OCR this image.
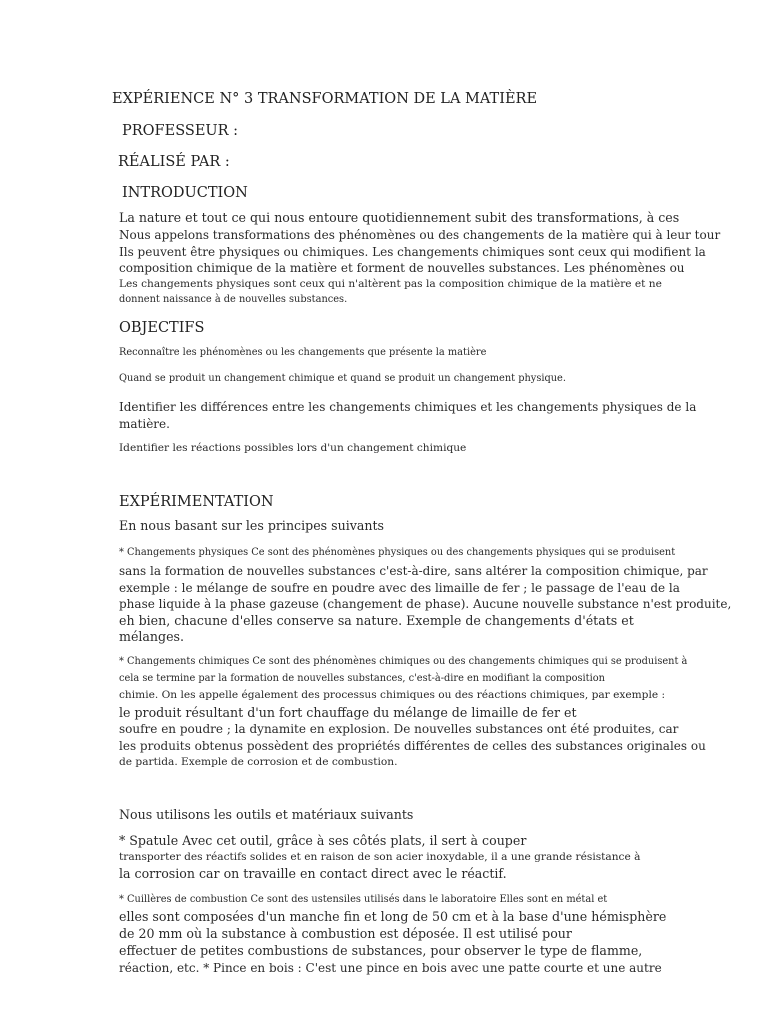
EXPÉRIENCE N° 3 TRANSFORMATION DE LA MATIÈRE
PROFESSEUR :
RÉALISÉ PAR :
INTRODUCTION
La nature et tout ce qui nous entoure quotidiennement subit des transformations, à ces
Nous appelons transformations des phénomènes ou des changements de la matière qui à leur tour
Ils peuvent être physiques ou chimiques. Les changements chimiques sont ceux qui modifient la
composition chimique de la matière et forment de nouvelles substances. Les phénomènes ou
Les changements physiques sont ceux qui n'altèrent pas la composition chimique de la matière et ne
donnent naissance à de nouvelles substances.
OBJECTIFS
Reconnaître les phénomènes ou les changements que présente la matière
Quand se produit un changement chimique et quand se produit un changement physique.
Identifier les différences entre les changements chimiques et les changements physiques de la
matière.
Identifier les réactions possibles lors d'un changement chimique
EXPÉRIMENTATION
En nous basant sur les principes suivants
* Changements physiques Ce sont des phénomènes physiques ou des changements physiques qui se produisent
sans la formation de nouvelles substances c'est-à-dire, sans altérer la composition chimique, par
exemple : le mélange de soufre en poudre avec des limaille de fer ; le passage de l'eau de la
phase liquide à la phase gazeuse (changement de phase). Aucune nouvelle substance n'est produite,
eh bien, chacune d'elles conserve sa nature. Exemple de changements d'états et
mélanges.
* Changements chimiques Ce sont des phénomènes chimiques ou des changements chimiques qui se produisent à
cela se termine par la formation de nouvelles substances, c'est-à-dire en modifiant la composition
chimie. On les appelle également des processus chimiques ou des réactions chimiques, par exemple :
le produit résultant d'un fort chauffage du mélange de limaille de fer et
soufre en poudre ; la dynamite en explosion. De nouvelles substances ont été produites, car
les produits obtenus possèdent des propriétés différentes de celles des substances originales ou
de partida. Exemple de corrosion et de combustion.
Nous utilisons les outils et matériaux suivants
* Spatule Avec cet outil, grâce à ses côtés plats, il sert à couper
transporter des réactifs solides et en raison de son acier inoxydable, il a une grande résistance à
la corrosion car on travaille en contact direct avec le réactif.
* Cuillères de combustion Ce sont des ustensiles utilisés dans le laboratoire Elles sont en métal et
elles sont composées d'un manche fin et long de 50 cm et à la base d'une hémisphère
de 20 mm où la substance à combustion est déposée. Il est utilisé pour
effectuer de petites combustions de substances, pour observer le type de flamme,
réaction, etc. * Pince en bois : C'est une pince en bois avec une patte courte et une autre
